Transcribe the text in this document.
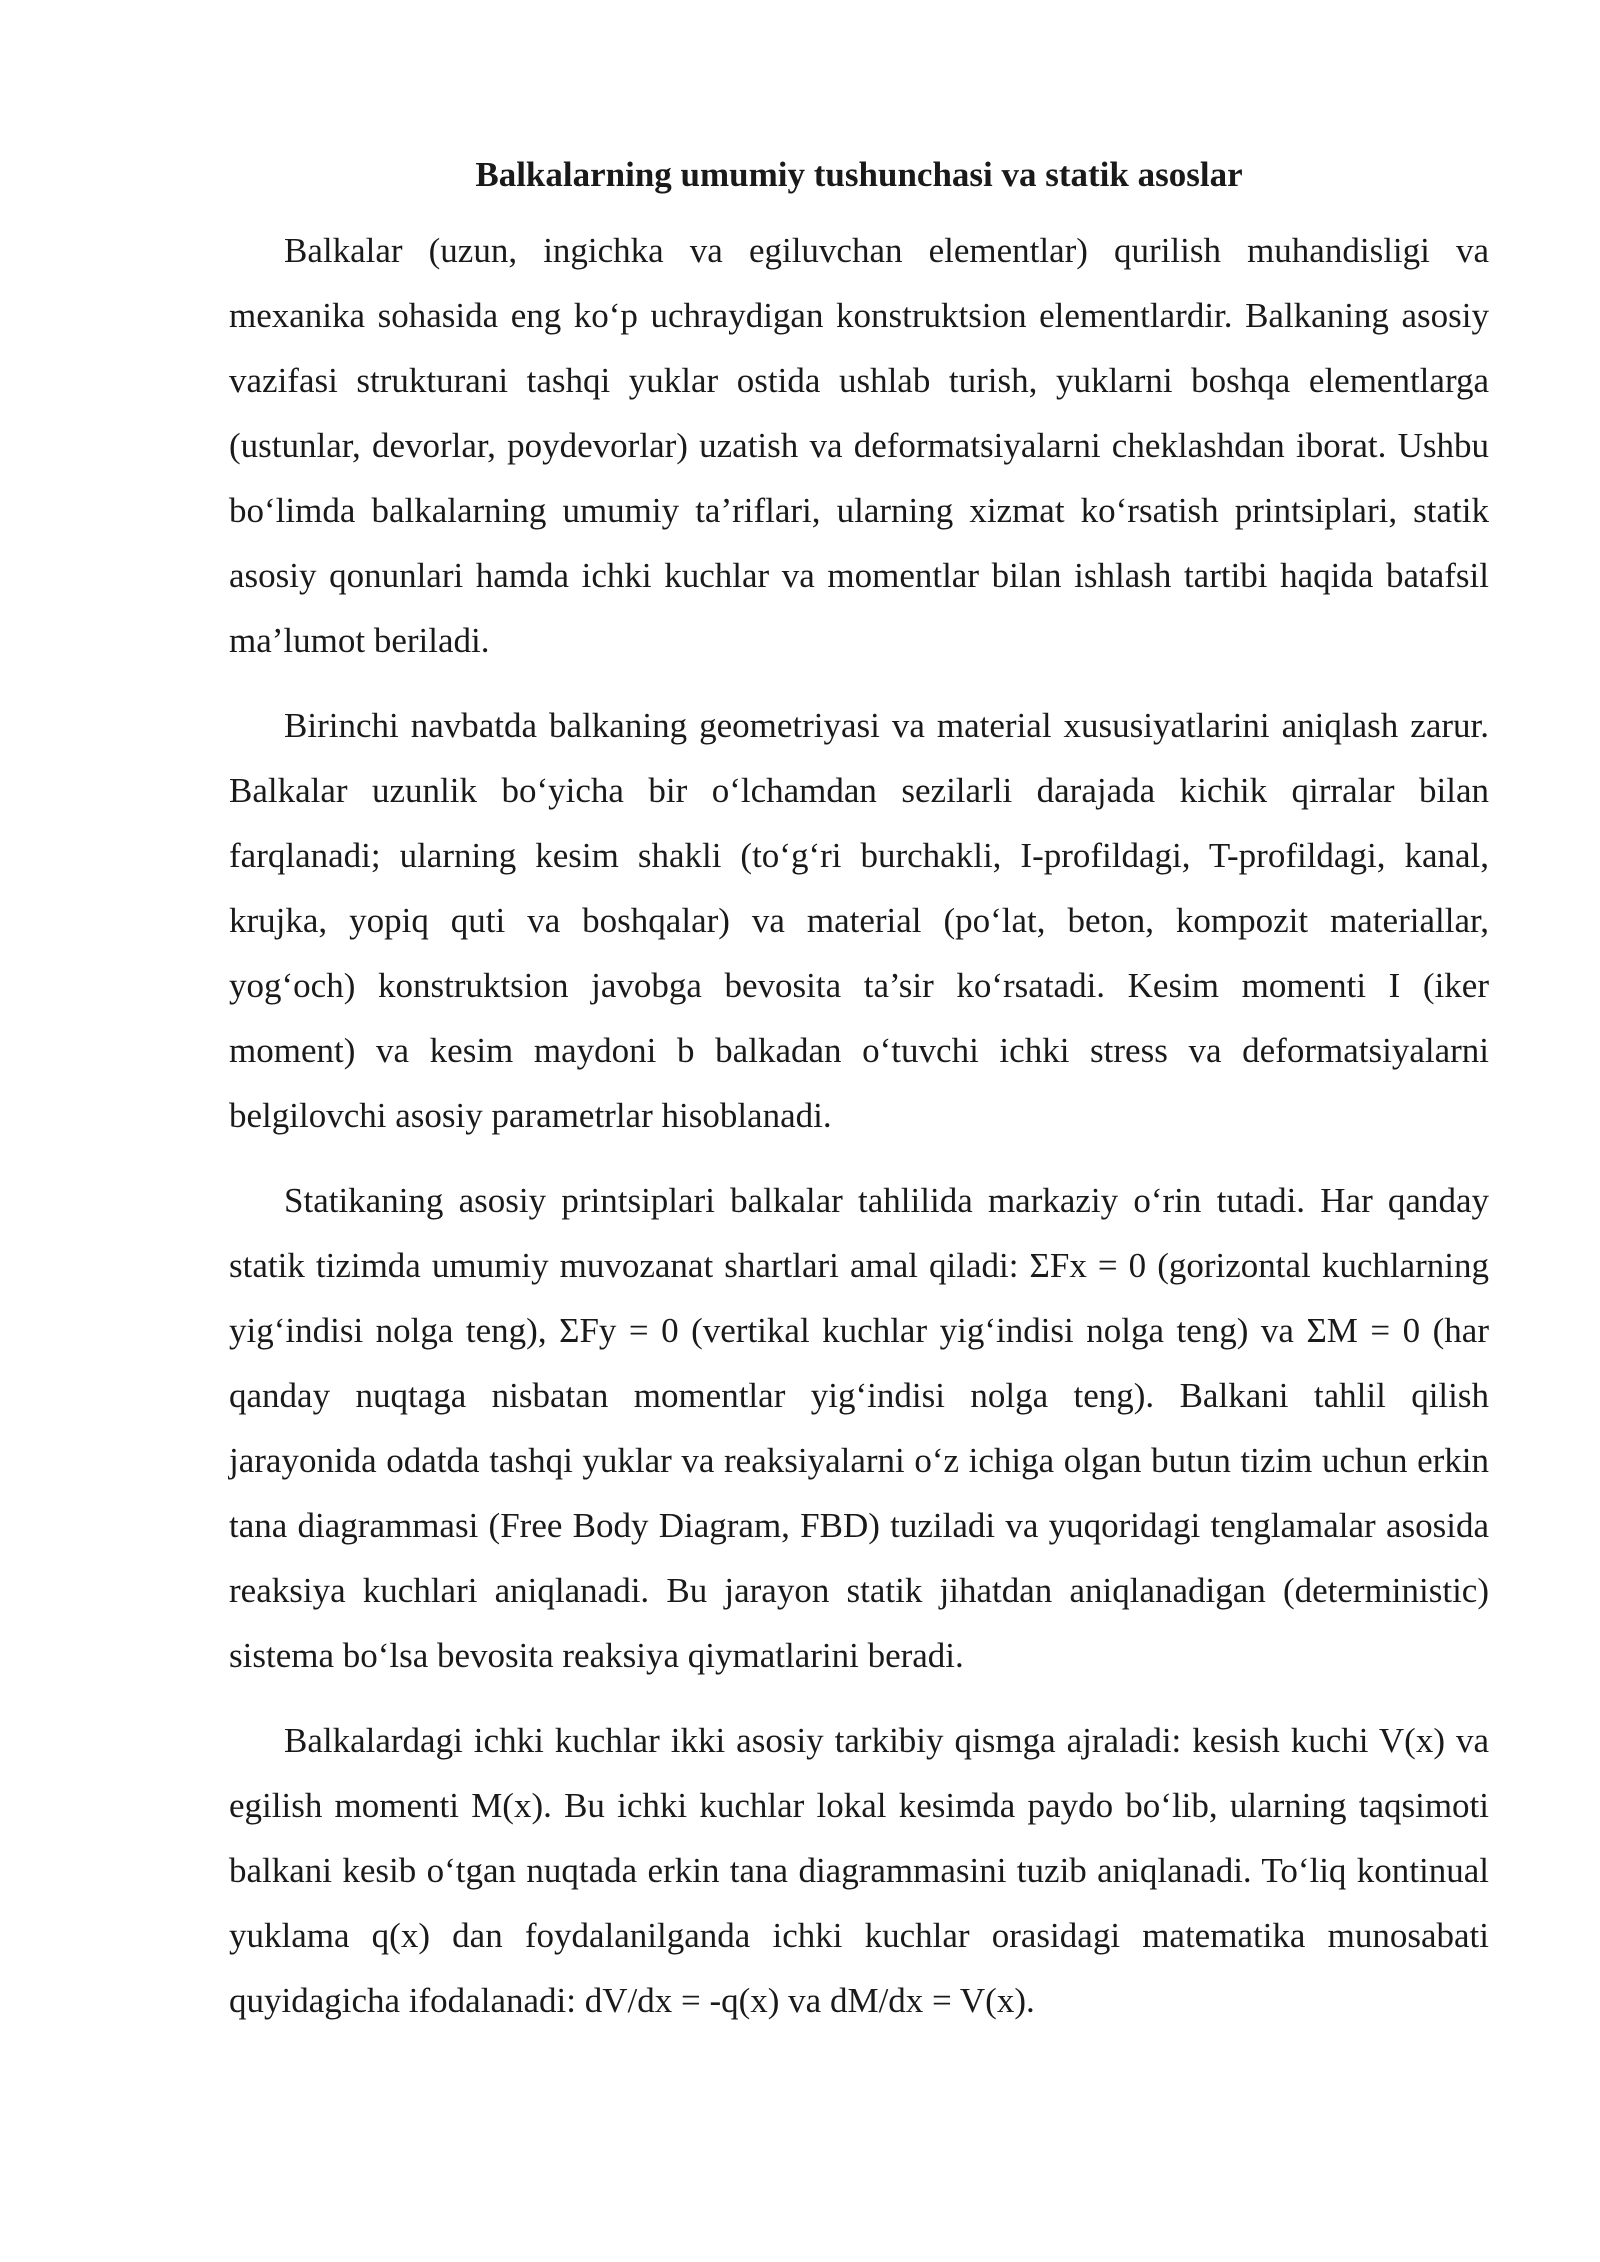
Balkalarning umumiy tushunchasi va statik asoslar

Balkalar (uzun, ingichka va egiluvchan elementlar) qurilish muhandisligi va mexanika sohasida eng ko‘p uchraydigan konstruktsion elementlardir. Balkaning asosiy vazifasi strukturani tashqi yuklar ostida ushlab turish, yuklarni boshqa elementlarga (ustunlar, devorlar, poydevorlar) uzatish va deformatsiyalarni cheklashdan iborat. Ushbu bo‘limda balkalarning umumiy ta’riflari, ularning xizmat ko‘rsatish printsiplari, statik asosiy qonunlari hamda ichki kuchlar va momentlar bilan ishlash tartibi haqida batafsil ma’lumot beriladi.

Birinchi navbatda balkaning geometriyasi va material xususiyatlarini aniqlash zarur. Balkalar uzunlik bo‘yicha bir o‘lchamdan sezilarli darajada kichik qirralar bilan farqlanadi; ularning kesim shakli (to‘g‘ri burchakli, I-profildagi, T-profildagi, kanal, krujka, yopiq quti va boshqalar) va material (po‘lat, beton, kompozit materiallar, yog‘och) konstruktsion javobga bevosita ta’sir ko‘rsatadi. Kesim momenti I (iker moment) va kesim maydoni b balkadan o‘tuvchi ichki stress va deformatsiyalarni belgilovchi asosiy parametrlar hisoblanadi.

Statikaning asosiy printsiplari balkalar tahlilida markaziy o‘rin tutadi. Har qanday statik tizimda umumiy muvozanat shartlari amal qiladi: ΣFx = 0 (gorizontal kuchlarning yig‘indisi nolga teng), ΣFy = 0 (vertikal kuchlar yig‘indisi nolga teng) va ΣM = 0 (har qanday nuqtaga nisbatan momentlar yig‘indisi nolga teng). Balkani tahlil qilish jarayonida odatda tashqi yuklar va reaksiyalarni o‘z ichiga olgan butun tizim uchun erkin tana diagrammasi (Free Body Diagram, FBD) tuziladi va yuqoridagi tenglamalar asosida reaksiya kuchlari aniqlanadi. Bu jarayon statik jihatdan aniqlanadigan (deterministic) sistema bo‘lsa bevosita reaksiya qiymatlarini beradi.

Balkalardagi ichki kuchlar ikki asosiy tarkibiy qismga ajraladi: kesish kuchi V(x) va egilish momenti M(x). Bu ichki kuchlar lokal kesimda paydo bo‘lib, ularning taqsimoti balkani kesib o‘tgan nuqtada erkin tana diagrammasini tuzib aniqlanadi. To‘liq kontinual yuklama q(x) dan foydalanilganda ichki kuchlar orasidagi matematika munosabati quyidagicha ifodalanadi: dV/dx = -q(x) va dM/dx = V(x).
